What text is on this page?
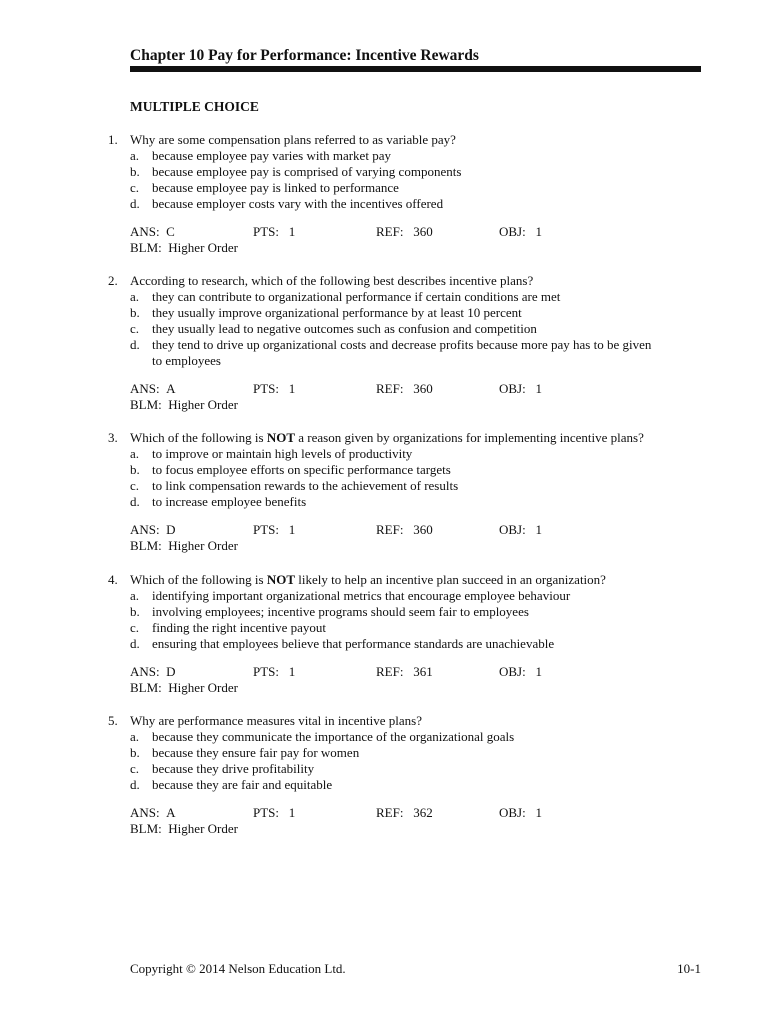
Chapter 10 Pay for Performance: Incentive Rewards
MULTIPLE CHOICE
1. Why are some compensation plans referred to as variable pay?
a. because employee pay varies with market pay
b. because employee pay is comprised of varying components
c. because employee pay is linked to performance
d. because employer costs vary with the incentives offered
ANS: C	PTS: 1	REF: 360	OBJ: 1
BLM: Higher Order
2. According to research, which of the following best describes incentive plans?
a. they can contribute to organizational performance if certain conditions are met
b. they usually improve organizational performance by at least 10 percent
c. they usually lead to negative outcomes such as confusion and competition
d. they tend to drive up organizational costs and decrease profits because more pay has to be given to employees
ANS: A	PTS: 1	REF: 360	OBJ: 1
BLM: Higher Order
3. Which of the following is NOT a reason given by organizations for implementing incentive plans?
a. to improve or maintain high levels of productivity
b. to focus employee efforts on specific performance targets
c. to link compensation rewards to the achievement of results
d. to increase employee benefits
ANS: D	PTS: 1	REF: 360	OBJ: 1
BLM: Higher Order
4. Which of the following is NOT likely to help an incentive plan succeed in an organization?
a. identifying important organizational metrics that encourage employee behaviour
b. involving employees; incentive programs should seem fair to employees
c. finding the right incentive payout
d. ensuring that employees believe that performance standards are unachievable
ANS: D	PTS: 1	REF: 361	OBJ: 1
BLM: Higher Order
5. Why are performance measures vital in incentive plans?
a. because they communicate the importance of the organizational goals
b. because they ensure fair pay for women
c. because they drive profitability
d. because they are fair and equitable
ANS: A	PTS: 1	REF: 362	OBJ: 1
BLM: Higher Order
Copyright © 2014 Nelson Education Ltd.	10-1
